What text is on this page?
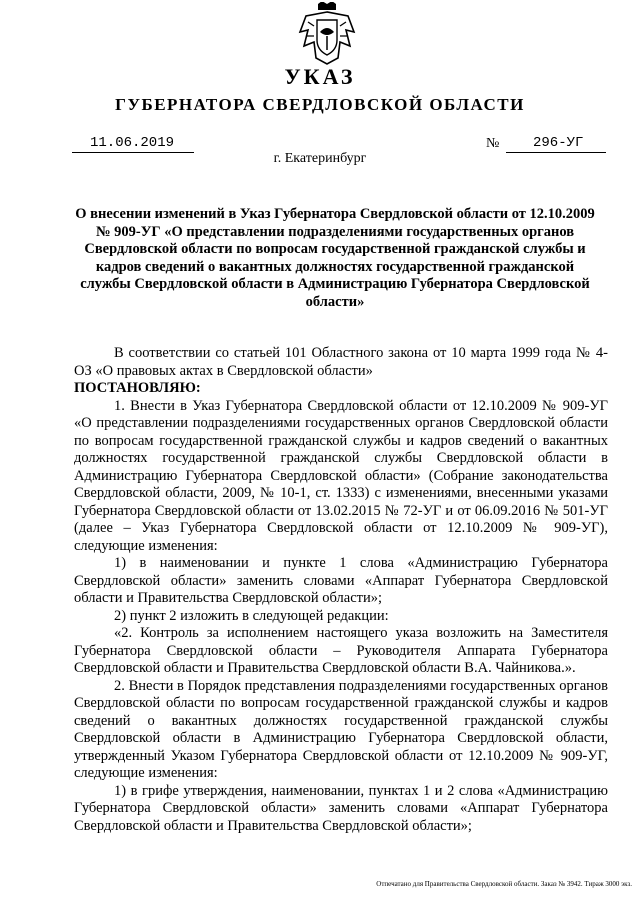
УКАЗ
ГУБЕРНАТОРА СВЕРДЛОВСКОЙ ОБЛАСТИ
11.06.2019	№ 296-УГ
г. Екатеринбург
О внесении изменений в Указ Губернатора Свердловской области от 12.10.2009 № 909-УГ «О представлении подразделениями государственных органов Свердловской области по вопросам государственной гражданской службы и кадров сведений о вакантных должностях государственной гражданской службы Свердловской области в Администрацию Губернатора Свердловской области»

В соответствии со статьей 101 Областного закона от 10 марта 1999 года № 4-ОЗ «О правовых актах в Свердловской области»

ПОСТАНОВЛЯЮ:

1. Внести в Указ Губернатора Свердловской области от 12.10.2009 № 909-УГ «О представлении подразделениями государственных органов Свердловской области по вопросам государственной гражданской службы и кадров сведений о вакантных должностях государственной гражданской службы Свердловской области в Администрацию Губернатора Свердловской области» (Собрание законодательства Свердловской области, 2009, № 10-1, ст. 1333) с изменениями, внесенными указами Губернатора Свердловской области от 13.02.2015 № 72-УГ и от 06.09.2016 № 501-УГ (далее – Указ Губернатора Свердловской области от 12.10.2009 № 909-УГ), следующие изменения:

1) в наименовании и пункте 1 слова «Администрацию Губернатора Свердловской области» заменить словами «Аппарат Губернатора Свердловской области и Правительства Свердловской области»;

2) пункт 2 изложить в следующей редакции:

«2. Контроль за исполнением настоящего указа возложить на Заместителя Губернатора Свердловской области – Руководителя Аппарата Губернатора Свердловской области и Правительства Свердловской области В.А. Чайникова.».

2. Внести в Порядок представления подразделениями государственных органов Свердловской области по вопросам государственной гражданской службы и кадров сведений о вакантных должностях государственной гражданской службы Свердловской области в Администрацию Губернатора Свердловской области, утвержденный Указом Губернатора Свердловской области от 12.10.2009 № 909-УГ, следующие изменения:

1) в грифе утверждения, наименовании, пунктах 1 и 2 слова «Администрацию Губернатора Свердловской области» заменить словами «Аппарат Губернатора Свердловской области и Правительства Свердловской области»;

Отпечатано для Правительства Свердловской области. Заказ № 3942. Тираж 3000 экз.
